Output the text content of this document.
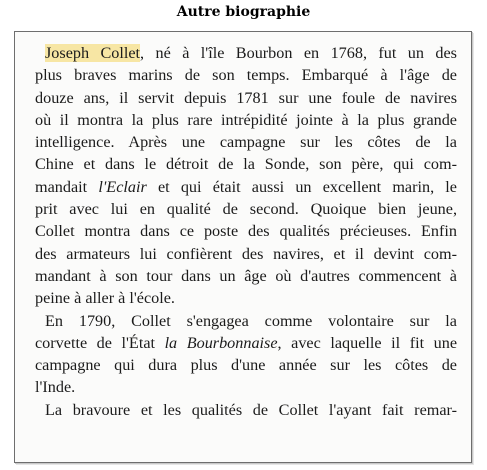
Autre biographie
Joseph Collet, né à l'île Bourbon en 1768, fut un des
plus braves marins de son temps. Embarqué à l'âge de
douze ans, il servit depuis 1781 sur une foule de navires
où il montra la plus rare intrépidité jointe à la plus grande
intelligence. Après une campagne sur les côtes de la
Chine et dans le détroit de la Sonde, son père, qui com-
mandait l'Eclair et qui était aussi un excellent marin, le
prit avec lui en qualité de second. Quoique bien jeune,
Collet montra dans ce poste des qualités précieuses. Enfin
des armateurs lui confièrent des navires, et il devint com-
mandant à son tour dans un âge où d'autres commencent à
peine à aller à l'école.
En 1790, Collet s'engagea comme volontaire sur la
corvette de l'État la Bourbonnaise, avec laquelle il fit une
campagne qui dura plus d'une année sur les côtes de
l'Inde.
La bravoure et les qualités de Collet l'ayant fait remar-
